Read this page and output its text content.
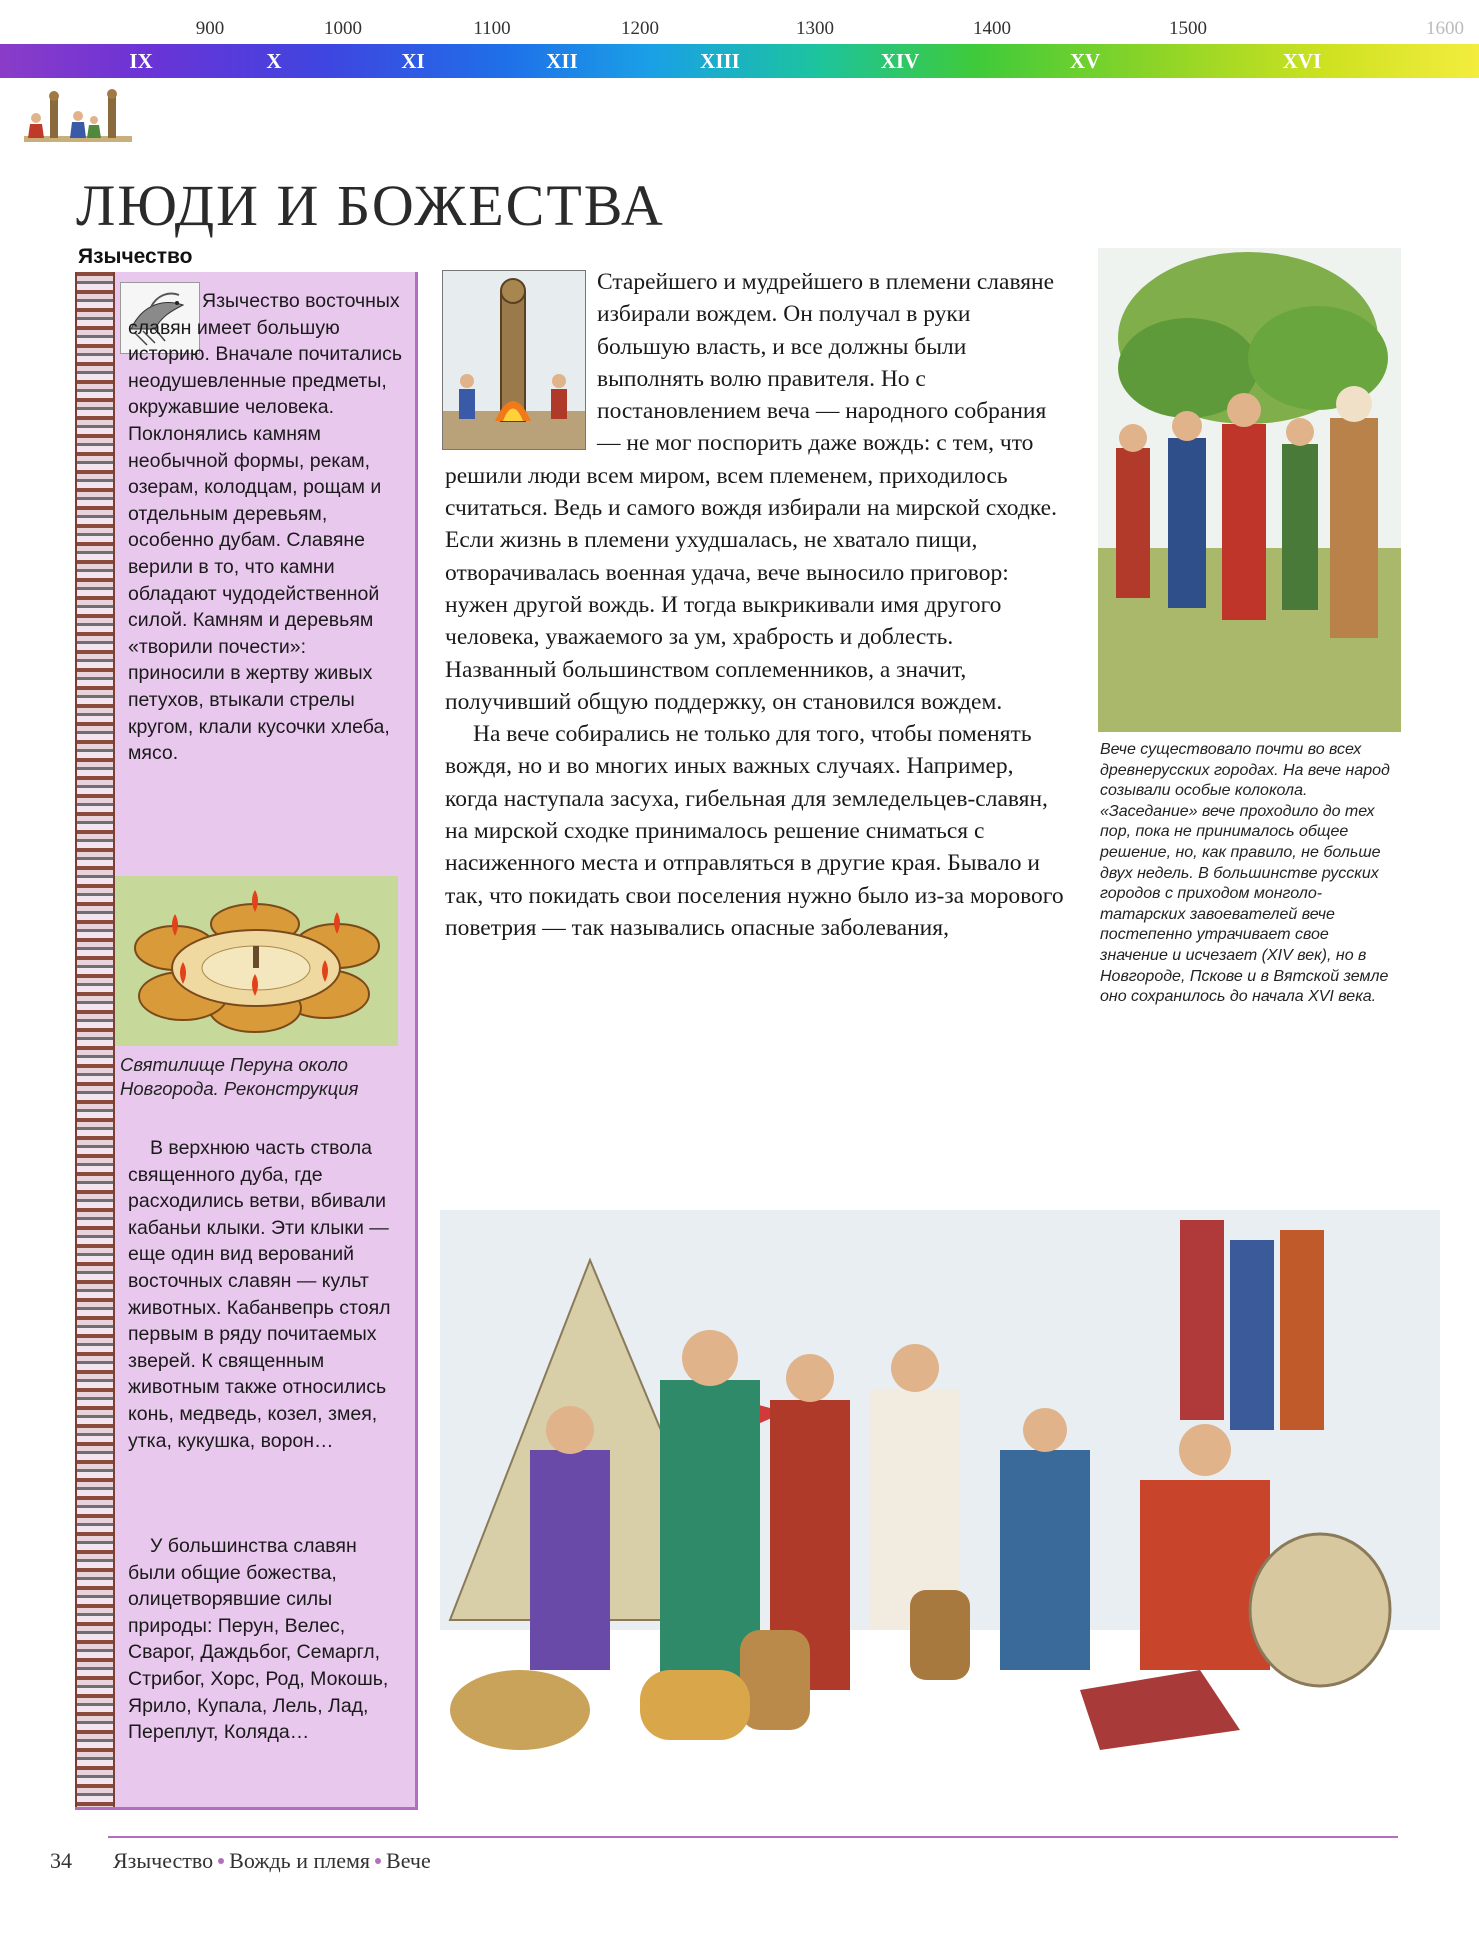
900	1000	1100	1200	1300	1400	1500	1600
IX	X	XI	XII	XIII	XIV	XV	XVI
ЛЮДИ И БОЖЕСТВА
Язычество

Язычество восточных славян имеет большую историю. Вначале почитались неодушевленные предметы, окружавшие человека. Поклонялись камням необычной формы, рекам, озерам, колодцам, рощам и отдельным деревьям, особенно дубам. Славяне верили в то, что камни обладают чудодейственной силой. Камням и деревьям «творили почести»: приносили в жертву живых петухов, втыкали стрелы кругом, клали кусочки хлеба, мясо.

Святилище Перуна около Новгорода. Реконструкция

В верхнюю часть ствола священного дуба, где расходились ветви, вбивали кабаньи клыки. Эти клыки — еще один вид верований восточных славян — культ животных. Кабанвепрь стоял первым в ряду почитаемых зверей. К священным животным также относились конь, медведь, козел, змея, утка, кукушка, ворон…

У большинства славян были общие божества, олицетворявшие силы природы: Перун, Велес, Сварог, Даждьбог, Семаргл, Стрибог, Хорс, Род, Мокошь, Ярило, Купала, Лель, Лад, Переплут, Коляда…

Старейшего и мудрейшего в племени славяне избирали вождем. Он получал в руки большую власть, и все должны были выполнять волю правителя. Но с постановлением веча — народного собрания — не мог поспорить даже вождь: с тем, что решили люди всем миром, всем племенем, приходилось считаться. Ведь и самого вождя избирали на мирской сходке. Если жизнь в племени ухудшалась, не хватало пищи, отворачивалась военная удача, вече выносило приговор: нужен другой вождь. И тогда выкрикивали имя другого человека, уважаемого за ум, храбрость и доблесть. Названный большинством соплеменников, а значит, получивший общую поддержку, он становился вождем.

На вече собирались не только для того, чтобы поменять вождя, но и во многих иных важных случаях. Например, когда наступала засуха, гибельная для земледельцев-славян, на мирской сходке принималось решение сниматься с насиженного места и отправляться в другие края. Бывало и так, что покидать свои поселения нужно было из-за морового поветрия — так назывались опасные заболевания,

Вече существовало почти во всех древнерусских городах. На вече народ созывали особые колокола. «Заседание» вече проходило до тех пор, пока не принималось общее решение, но, как правило, не больше двух недель. В большинстве русских городов с приходом монголо-татарских завоевателей вече постепенно утрачивает свое значение и исчезает (XIV век), но в Новгороде, Пскове и в Вятской земле оно сохранилось до начала XVI века.

34 Язычество Вождь и племя Вече
